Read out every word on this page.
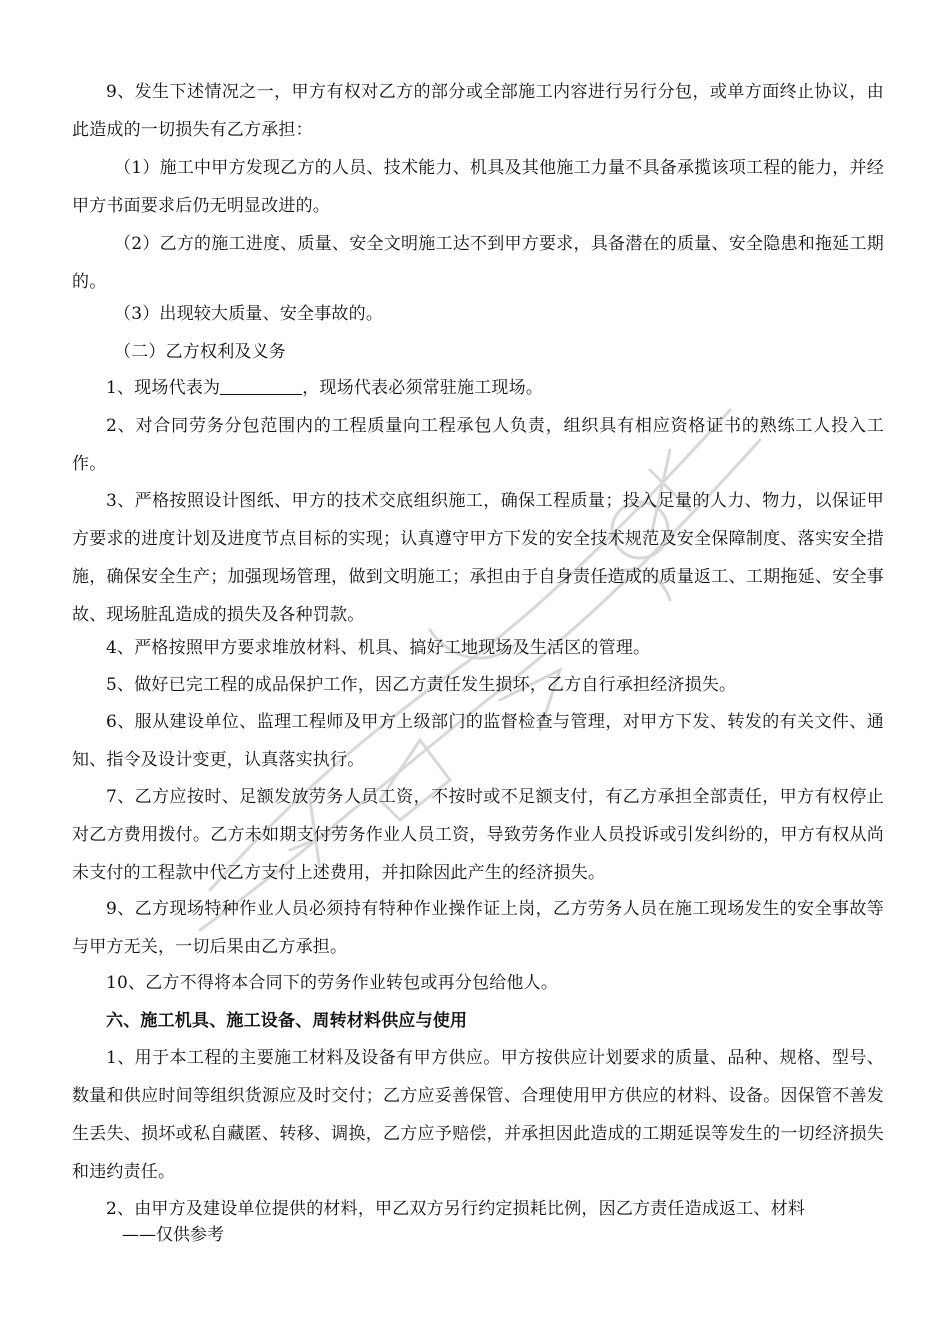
9、发生下述情况之一，甲方有权对乙方的部分或全部施工内容进行另行分包，或单方面终止协议，由此造成的一切损失有乙方承担：

（1）施工中甲方发现乙方的人员、技术能力、机具及其他施工力量不具备承揽该项工程的能力，并经甲方书面要求后仍无明显改进的。

（2）乙方的施工进度、质量、安全文明施工达不到甲方要求，具备潜在的质量、安全隐患和拖延工期的。

（3）出现较大质量、安全事故的。

（二）乙方权利及义务

1、现场代表为	，现场代表必须常驻施工现场。

2、对合同劳务分包范围内的工程质量向工程承包人负责，组织具有相应资格证书的熟练工人投入工作。

3、严格按照设计图纸、甲方的技术交底组织施工，确保工程质量；投入足量的人力、物力，以保证甲方要求的进度计划及进度节点目标的实现；认真遵守甲方下发的安全技术规范及安全保障制度、落实安全措施，确保安全生产；加强现场管理，做到文明施工；承担由于自身责任造成的质量返工、工期拖延、安全事故、现场脏乱造成的损失及各种罚款。

4、严格按照甲方要求堆放材料、机具、搞好工地现场及生活区的管理。

5、做好已完工程的成品保护工作，因乙方责任发生损坏，乙方自行承担经济损失。

6、服从建设单位、监理工程师及甲方上级部门的监督检查与管理，对甲方下发、转发的有关文件、通知、指令及设计变更，认真落实执行。

7、乙方应按时、足额发放劳务人员工资，不按时或不足额支付，有乙方承担全部责任，甲方有权停止对乙方费用拨付。乙方未如期支付劳务作业人员工资，导致劳务作业人员投诉或引发纠纷的，甲方有权从尚未支付的工程款中代乙方支付上述费用，并扣除因此产生的经济损失。

9、乙方现场特种作业人员必须持有特种作业操作证上岗，乙方劳务人员在施工现场发生的安全事故等与甲方无关，一切后果由乙方承担。

10、乙方不得将本合同下的劳务作业转包或再分包给他人。

六、施工机具、施工设备、周转材料供应与使用

1、用于本工程的主要施工材料及设备有甲方供应。甲方按供应计划要求的质量、品种、规格、型号、数量和供应时间等组织货源应及时交付；乙方应妥善保管、合理使用甲方供应的材料、设备。因保管不善发生丢失、损坏或私自藏匿、转移、调换，乙方应予赔偿，并承担因此造成的工期延误等发生的一切经济损失和违约责任。

2、由甲方及建设单位提供的材料，甲乙双方另行约定损耗比例，因乙方责任造成返工、材料

——仅供参考
